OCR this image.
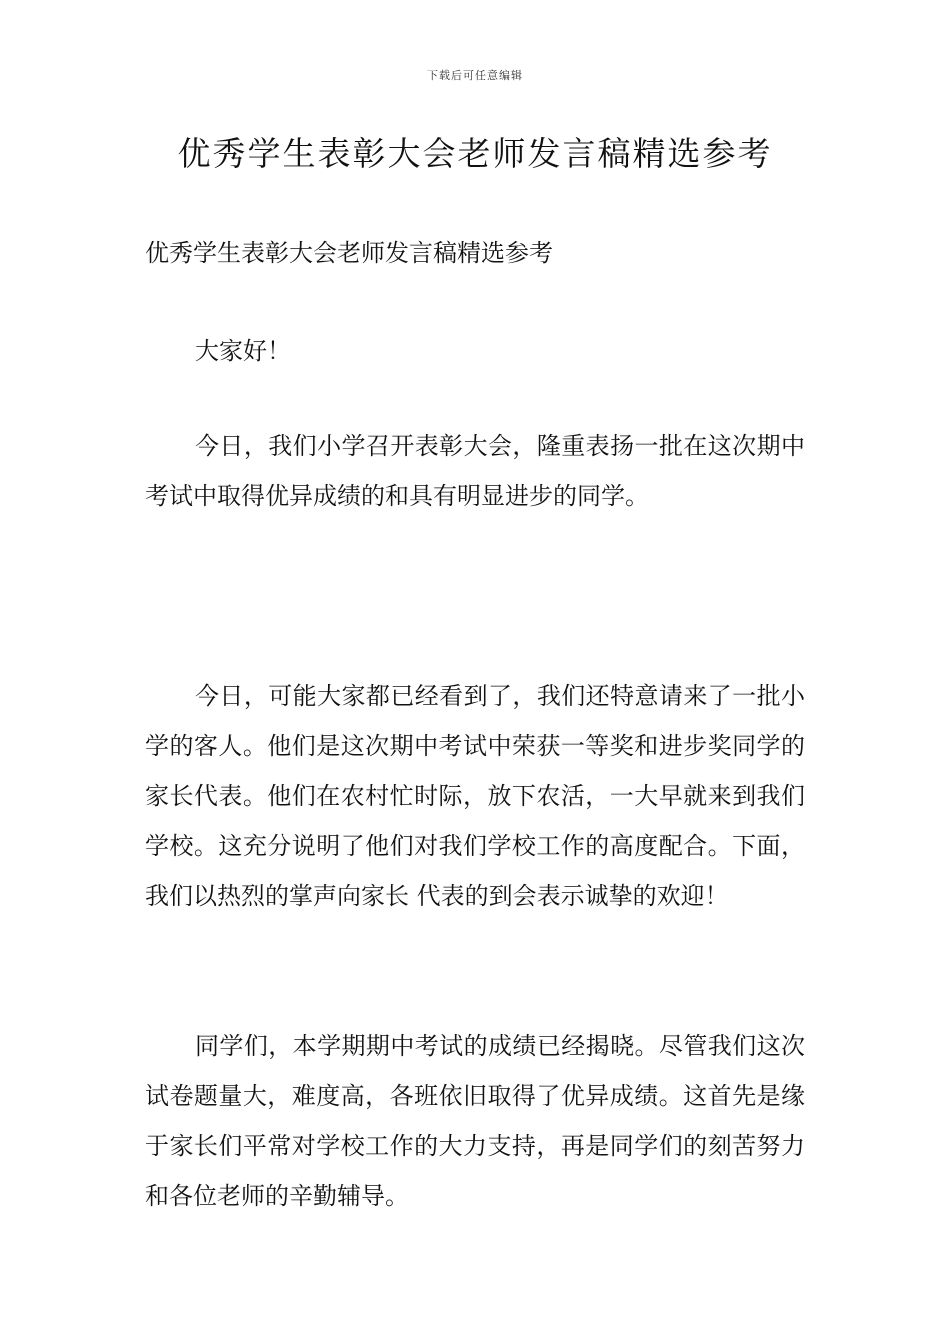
下载后可任意编辑
优秀学生表彰大会老师发言稿精选参考

优秀学生表彰大会老师发言稿精选参考

大家好！

今日，我们小学召开表彰大会，隆重表扬一批在这次期中考试中取得优异成绩的和具有明显进步的同学。

今日，可能大家都已经看到了，我们还特意请来了一批小学的客人。他们是这次期中考试中荣获一等奖和进步奖同学的家长代表。他们在农村忙时际，放下农活，一大早就来到我们学校。这充分说明了他们对我们学校工作的高度配合。下面，我们以热烈的掌声向家长 代表的到会表示诚挚的欢迎！

同学们，本学期期中考试的成绩已经揭晓。尽管我们这次试卷题量大，难度高，各班依旧取得了优异成绩。这首先是缘于家长们平常对学校工作的大力支持，再是同学们的刻苦努力和各位老师的辛勤辅导。
